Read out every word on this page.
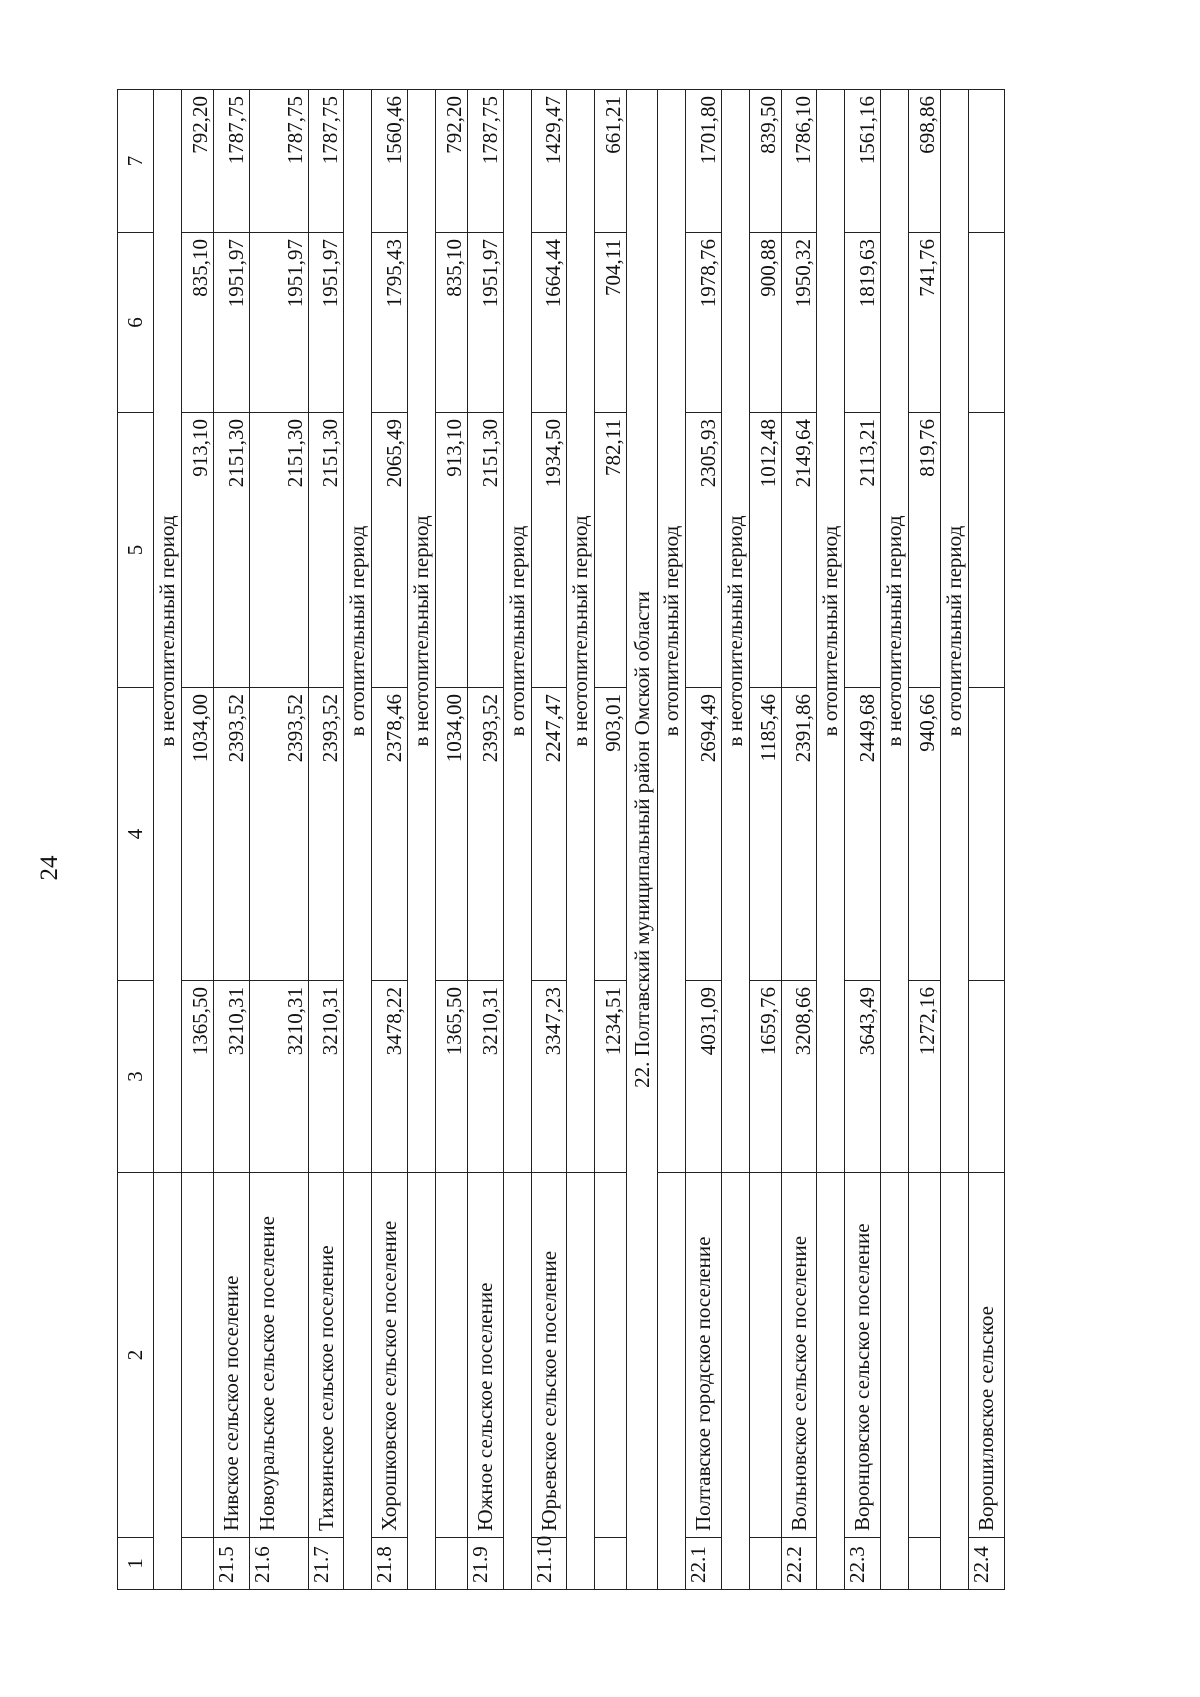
24
1	2	3	4	5	6	7
		в неотопительный период				
		1365,50	1034,00	913,10	835,10	792,20
21.5	Нивское сельское поселение	3210,31	2393,52	2151,30	1951,97	1787,75
21.6	Новоуральское сельское поселение	3210,31	2393,52	2151,30	1951,97	1787,75
21.7	Тихвинское сельское поселение	3210,31	2393,52	2151,30	1951,97	1787,75
		в отопительный период				
21.8	Хорошковское сельское поселение	3478,22	2378,46	2065,49	1795,43	1560,46
		в неотопительный период				
		1365,50	1034,00	913,10	835,10	792,20
21.9	Южное сельское поселение	3210,31	2393,52	2151,30	1951,97	1787,75
		в отопительный период				
21.10	Юрьевское сельское поселение	3347,23	2247,47	1934,50	1664,44	1429,47
		в неотопительный период				
		1234,51	903,01	782,11	704,11	661,21
22. Полтавский муниципальный район Омской области						
		в отопительный период				
22.1	Полтавское городское поселение	4031,09	2694,49	2305,93	1978,76	1701,80
		в неотопительный период				
		1659,76	1185,46	1012,48	900,88	839,50
22.2	Вольновское сельское поселение	3208,66	2391,86	2149,64	1950,32	1786,10
		в отопительный период				
22.3	Воронцовское сельское поселение	3643,49	2449,68	2113,21	1819,63	1561,16
		в неотопительный период				
		1272,16	940,66	819,76	741,76	698,86
		в отопительный период				
22.4	Ворошиловское сельское					
